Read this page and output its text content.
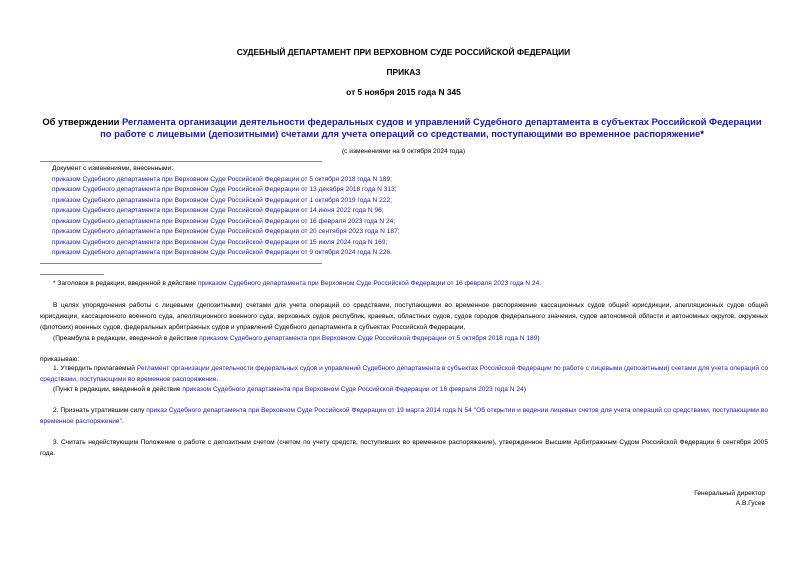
СУДЕБНЫЙ ДЕПАРТАМЕНТ ПРИ ВЕРХОВНОМ СУДЕ РОССИЙСКОЙ ФЕДЕРАЦИИ
ПРИКАЗ
от 5 ноября 2015 года N 345
Об утверждении Регламента организации деятельности федеральных судов и управлений Судебного департамента в субъектах Российской Федерации по работе с лицевыми (депозитными) счетами для учета операций со средствами, поступающими во временное распоряжение*
(с изменениями на 9 октября 2024 года)
Документ с изменениями, внесенными:
приказом Судебного департамента при Верховном Суде Российской Федерации от 5 октября 2018 года N 189;
приказом Судебного департамента при Верховном Суде Российской Федерации от 13 декабря 2018 года N 313;
приказом Судебного департамента при Верховном Суде Российской Федерации от 1 октября 2019 года N 222;
приказом Судебного департамента при Верховном Суде Российской Федерации от 14 июня 2022 года N 96;
приказом Судебного департамента при Верховном Суде Российской Федерации от 16 февраля 2023 года N 24;
приказом Судебного департамента при Верховном Суде Российской Федерации от 20 сентября 2023 года N 187;
приказом Судебного департамента при Верховном Суде Российской Федерации от 15 июля 2024 года N 169;
приказом Судебного департамента при Верховном Суде Российской Федерации от 9 октября 2024 года N 226.
* Заголовок в редакции, введенной в действие приказом Судебного департамента при Верховном Суде Российской Федерации от 16 февраля 2023 года N 24.
В целях упорядочения работы с лицевыми (депозитными) счетами для учета операций со средствами, поступающими во временное распоряжение кассационных судов общей юрисдикции, апелляционных судов общей юрисдикции, кассационного военного суда, апелляционного военного суда, верховных судов республик, краевых, областных судов, судов городов федерального значения, судов автономной области и автономных округов, окружных (флотских) военных судов, федеральных арбитражных судов и управлений Судебного департамента в субъектах Российской Федерации,
(Преамбула в редакции, введенной в действие приказом Судебного департамента при Верховном Суде Российской Федерации от 5 октября 2018 года N 189)
приказываю:
1. Утвердить прилагаемый Регламент организации деятельности федеральных судов и управлений Судебного департамента в субъектах Российской Федерации по работе с лицевыми (депозитными) счетами для учета операций со средствами, поступающими во временное распоряжение.
(Пункт в редакции, введенной в действие приказом Судебного департамента при Верховном Суде Российской Федерации от 16 февраля 2023 года N 24)
2. Признать утратившим силу приказ Судебного департамента при Верховном Суде Российской Федерации от 19 марта 2014 года N 54 "Об открытии и ведении лицевых счетов для учета операций со средствами, поступающими во временное распоряжение".
3. Считать недействующим Положение о работе с депозитным счетом (счетом по учету средств, поступивших во временное распоряжение), утвержденное Высшим Арбитражным Судом Российской Федерации 6 сентября 2005 года.
Генеральный директор
А.В.Гусев
